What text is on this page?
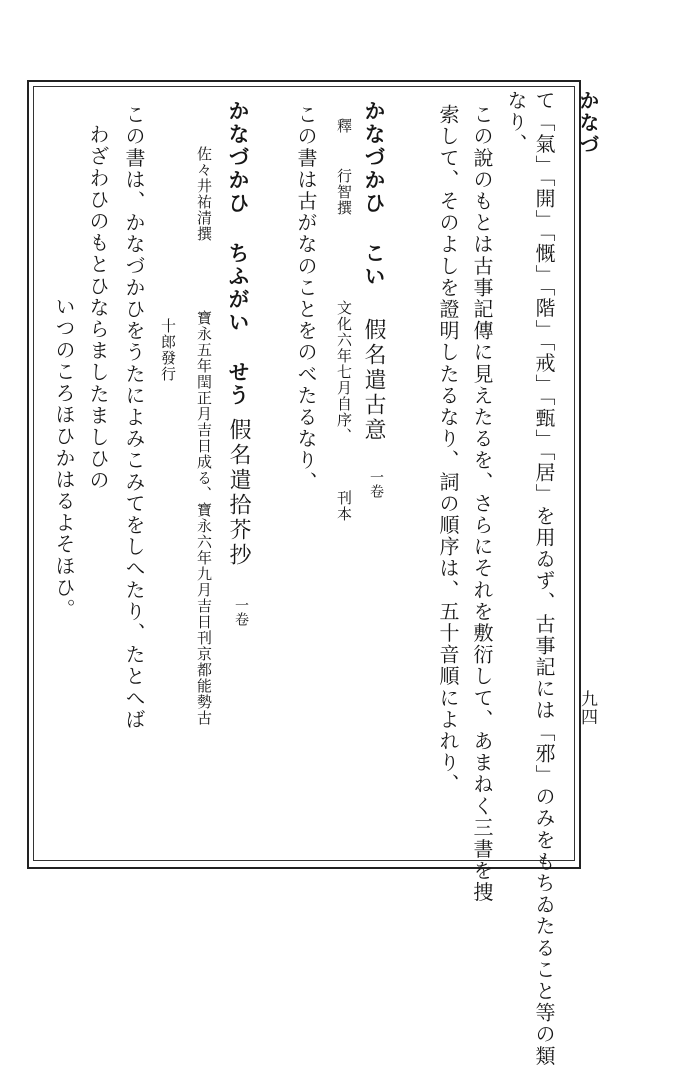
かなづ
九四
て「氣」「開」「慨」「階」「戒」「甄」「居」を用ゐず、古事記には「邪」のみをもちゐたること等の類
なり、
この說のもとは古事記傳に見えたるを、さらにそれを敷衍して、あまねく三書を捜
索して、そのよしを證明したるなり、詞の順序は、五十音順によれり、
かなづかひ こい
假名遣古意
一卷
釋
行智撰
文化六年七月自序、
刊本
この書は古がなのことをのべたるなり、
かなづかひ ちふがい せう
假名遣拾芥抄
一卷
佐々井祐清撰
寶永五年閏正月吉日成る、寶永六年九月吉日刊京都能勢古
十郎發行
この書は、かなづかひをうたによみこみてをしへたり、たとへば
わざわひのもとひならましたましひの
いつのころほひかはるよそほひ。
